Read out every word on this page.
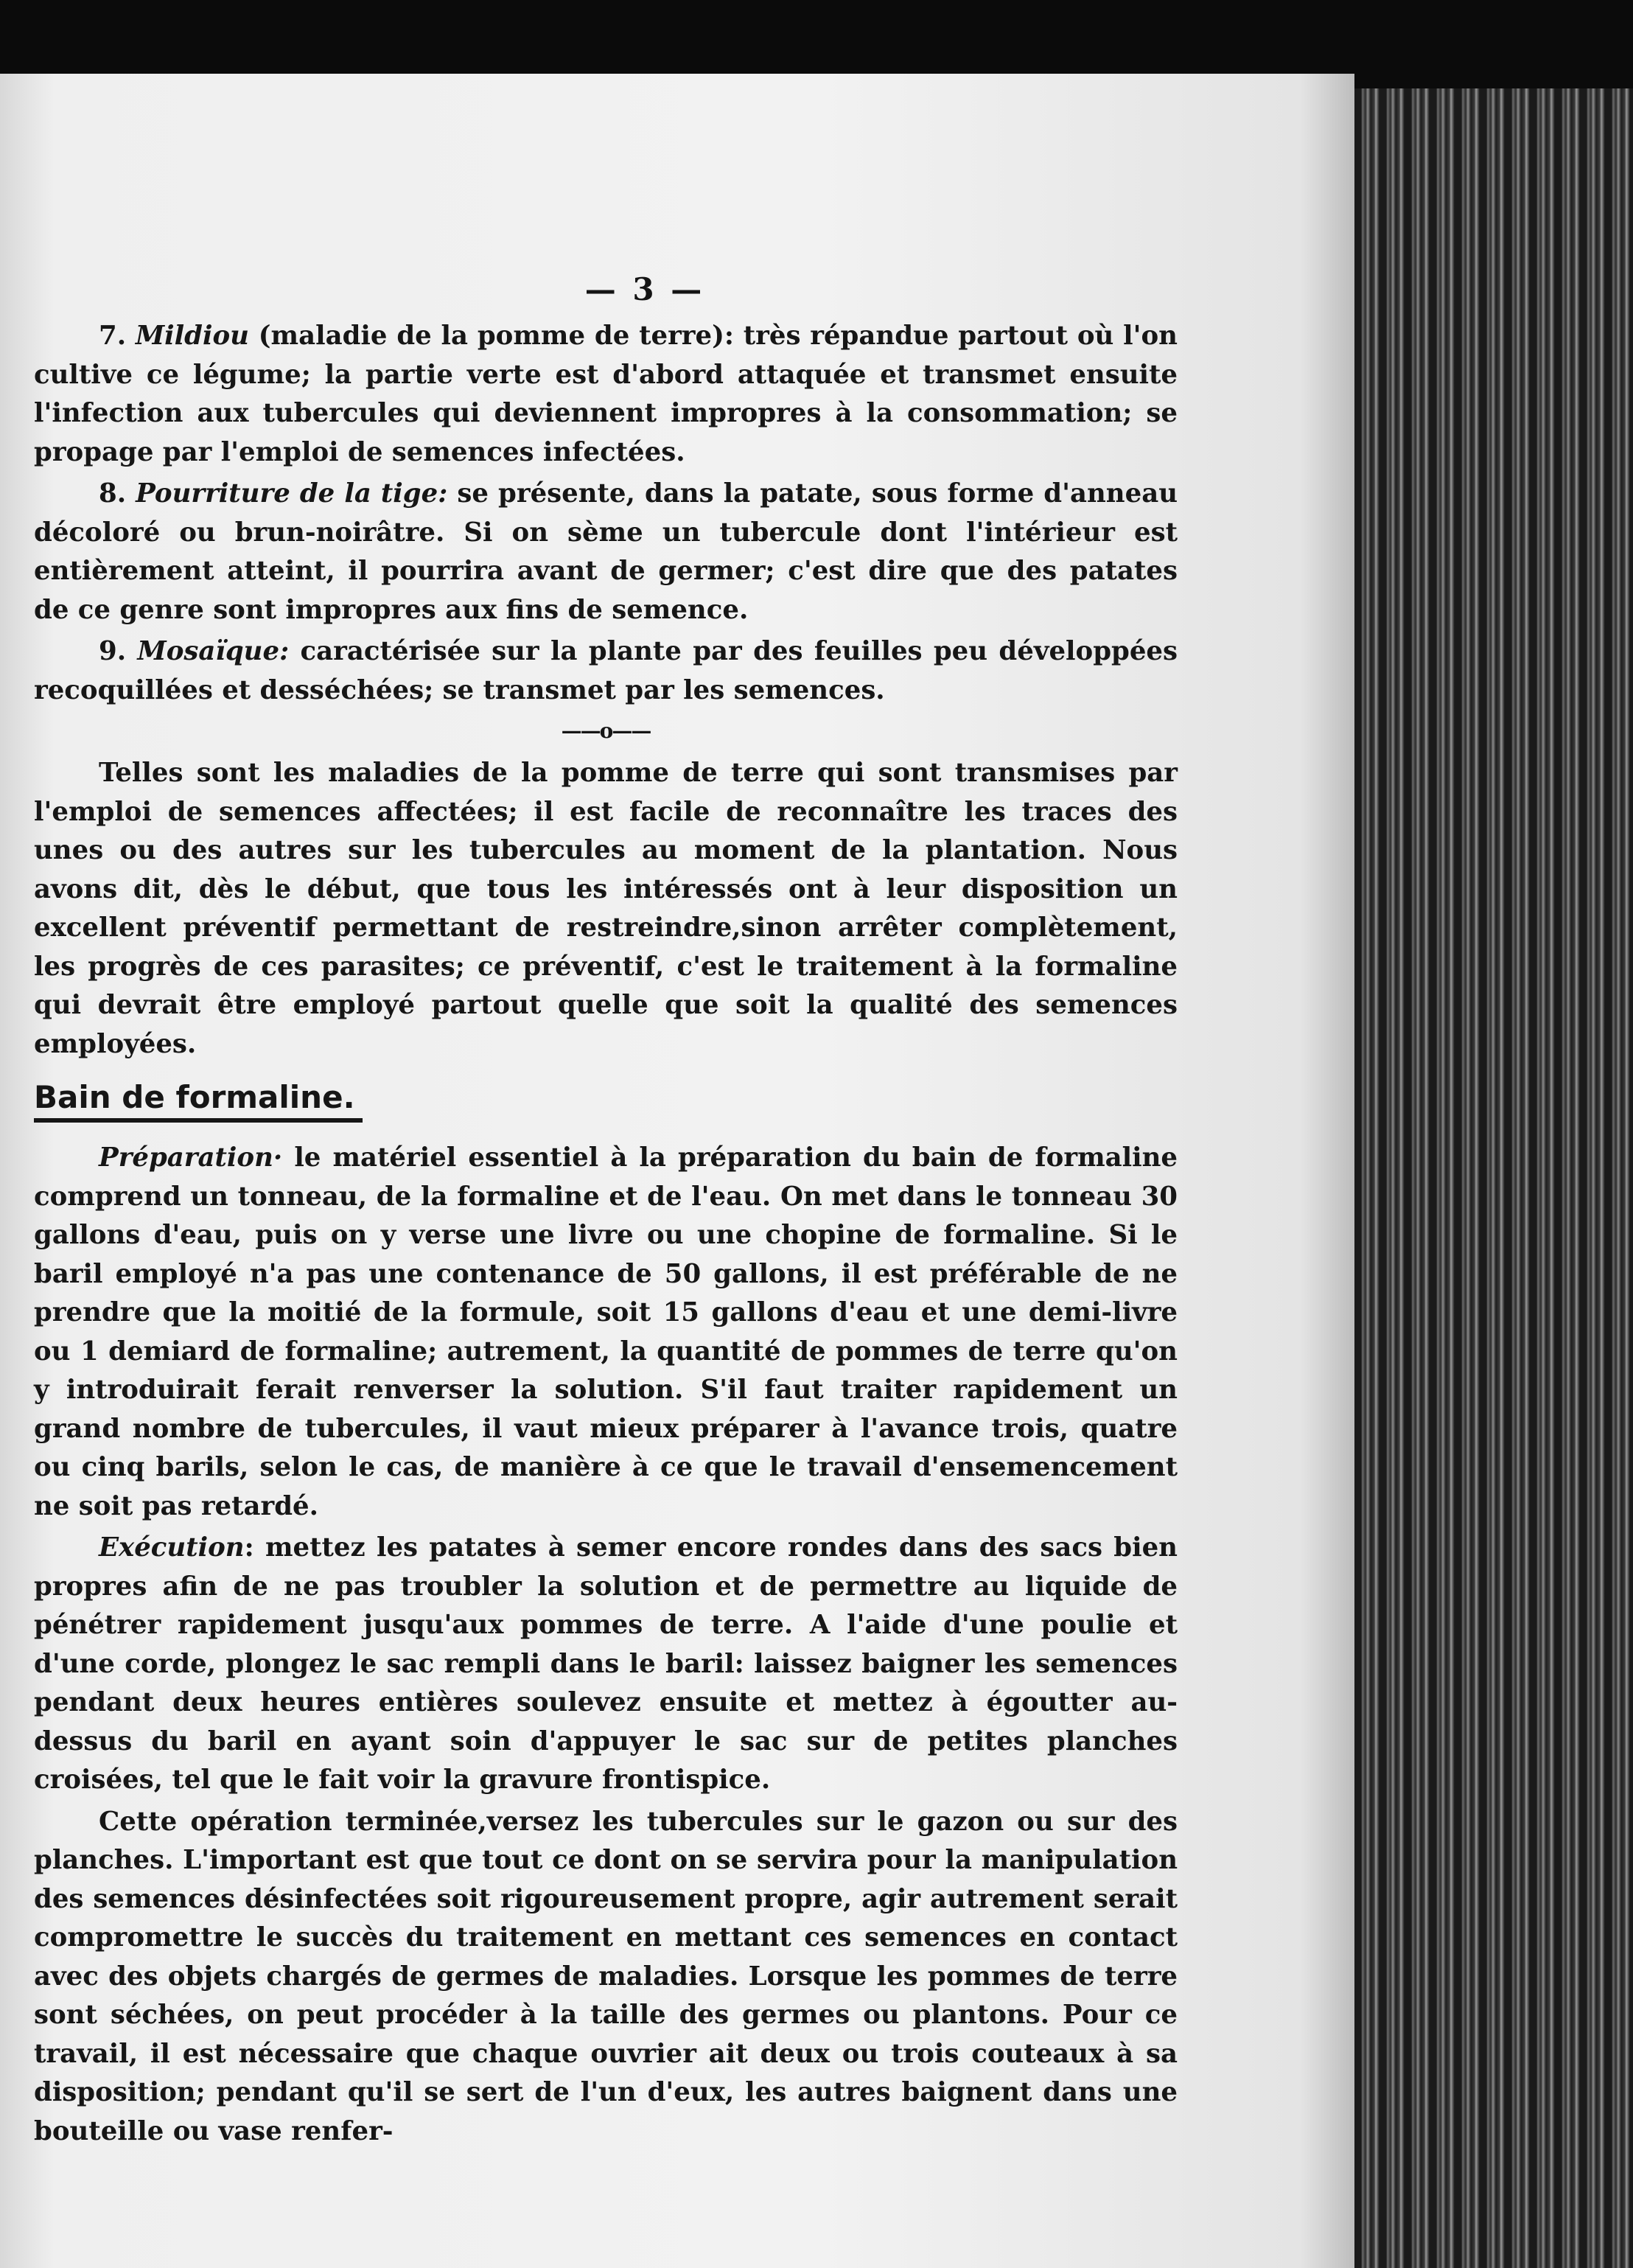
— 3 —

7. Mildiou (maladie de la pomme de terre): très répandue partout où l'on cultive ce légume; la partie verte est d'abord attaquée et transmet ensuite l'infection aux tubercules qui deviennent impropres à la consommation; se propage par l'emploi de semences infectées.

8. Pourriture de la tige: se présente, dans la patate, sous forme d'anneau décoloré ou brun-noirâtre. Si on sème un tubercule dont l'intérieur est entièrement atteint, il pourrira avant de germer; c'est dire que des patates de ce genre sont impropres aux fins de semence.

9. Mosaïque: caractérisée sur la plante par des feuilles peu développées recoquillées et desséchées; se transmet par les semences.

——o——

Telles sont les maladies de la pomme de terre qui sont transmises par l'emploi de semences affectées; il est facile de reconnaître les traces des unes ou des autres sur les tubercules au moment de la plantation. Nous avons dit, dès le début, que tous les intéressés ont à leur disposition un excellent préventif permettant de restreindre,sinon arrêter complètement, les progrès de ces parasites; ce préventif, c'est le traitement à la formaline qui devrait être employé partout quelle que soit la qualité des semences employées.

Bain de formaline.

Préparation· le matériel essentiel à la préparation du bain de formaline comprend un tonneau, de la formaline et de l'eau. On met dans le tonneau 30 gallons d'eau, puis on y verse une livre ou une chopine de formaline. Si le baril employé n'a pas une contenance de 50 gallons, il est préférable de ne prendre que la moitié de la formule, soit 15 gallons d'eau et une demi-livre ou 1 demiard de formaline; autrement, la quantité de pommes de terre qu'on y introduirait ferait renverser la solution. S'il faut traiter rapidement un grand nombre de tubercules, il vaut mieux préparer à l'avance trois, quatre ou cinq barils, selon le cas, de manière à ce que le travail d'ensemencement ne soit pas retardé.

Exécution: mettez les patates à semer encore rondes dans des sacs bien propres afin de ne pas troubler la solution et de permettre au liquide de pénétrer rapidement jusqu'aux pommes de terre. A l'aide d'une poulie et d'une corde, plongez le sac rempli dans le baril: laissez baigner les semences pendant deux heures entières soulevez ensuite et mettez à égoutter au-dessus du baril en ayant soin d'appuyer le sac sur de petites planches croisées, tel que le fait voir la gravure frontispice.

Cette opération terminée,versez les tubercules sur le gazon ou sur des planches. L'important est que tout ce dont on se servira pour la manipulation des semences désinfectées soit rigoureusement propre, agir autrement serait compromettre le succès du traitement en mettant ces semences en contact avec des objets chargés de germes de maladies. Lorsque les pommes de terre sont séchées, on peut procéder à la taille des germes ou plantons. Pour ce travail, il est nécessaire que chaque ouvrier ait deux ou trois couteaux à sa disposition; pendant qu'il se sert de l'un d'eux, les autres baignent dans une bouteille ou vase renfer-
